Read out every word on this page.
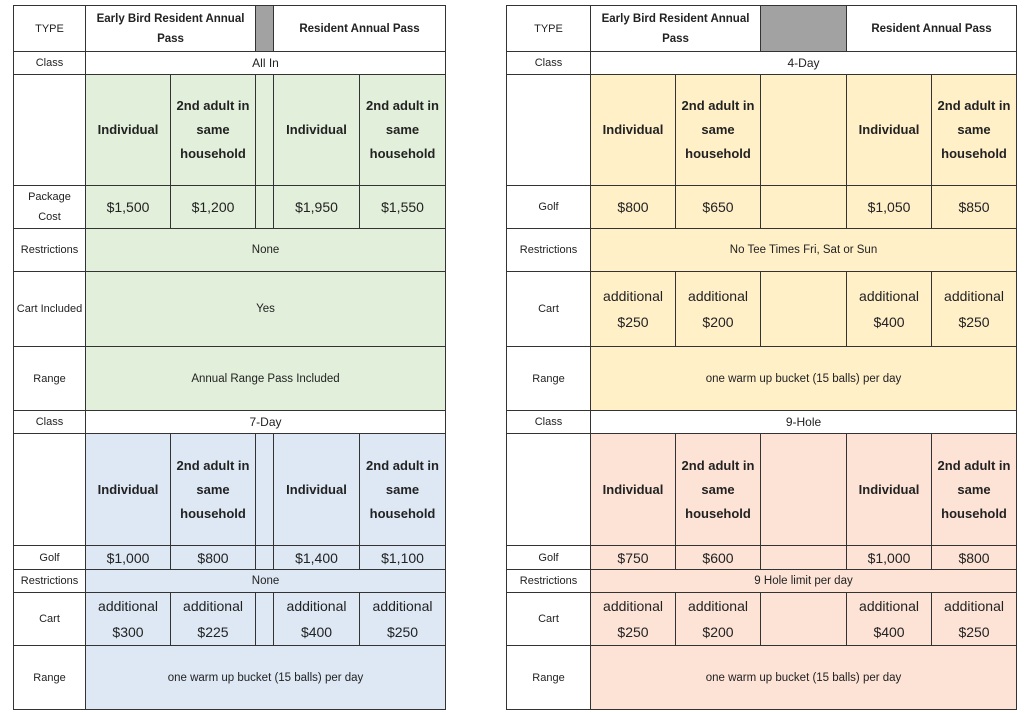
TYPE	Early Bird Resident Annual Pass			Resident Annual Pass	
Class	All In				
	Individual	2nd adult in same household		Individual	2nd adult in same household
Package Cost	$1,500	$1,200		$1,950	$1,550
Restrictions	None				
Cart Included	Yes				
Range	Annual Range Pass Included				
Class	7-Day				
	Individual	2nd adult in same household		Individual	2nd adult in same household
Golf	$1,000	$800		$1,400	$1,100
Restrictions	None				
Cart	additional $300	additional $225		additional $400	additional $250
Range	one warm up bucket (15 balls) per day				
TYPE	Early Bird Resident Annual Pass			Resident Annual Pass	
Class	4-Day				
	Individual	2nd adult in same household		Individual	2nd adult in same household
Golf	$800	$650		$1,050	$850
Restrictions	No Tee Times Fri, Sat or Sun				
Cart	additional $250	additional $200		additional $400	additional $250
Range	one warm up bucket (15 balls) per day				
Class	9-Hole				
	Individual	2nd adult in same household		Individual	2nd adult in same household
Golf	$750	$600		$1,000	$800
Restrictions	9 Hole limit per day				
Cart	additional $250	additional $200		additional $400	additional $250
Range	one warm up bucket (15 balls) per day				
